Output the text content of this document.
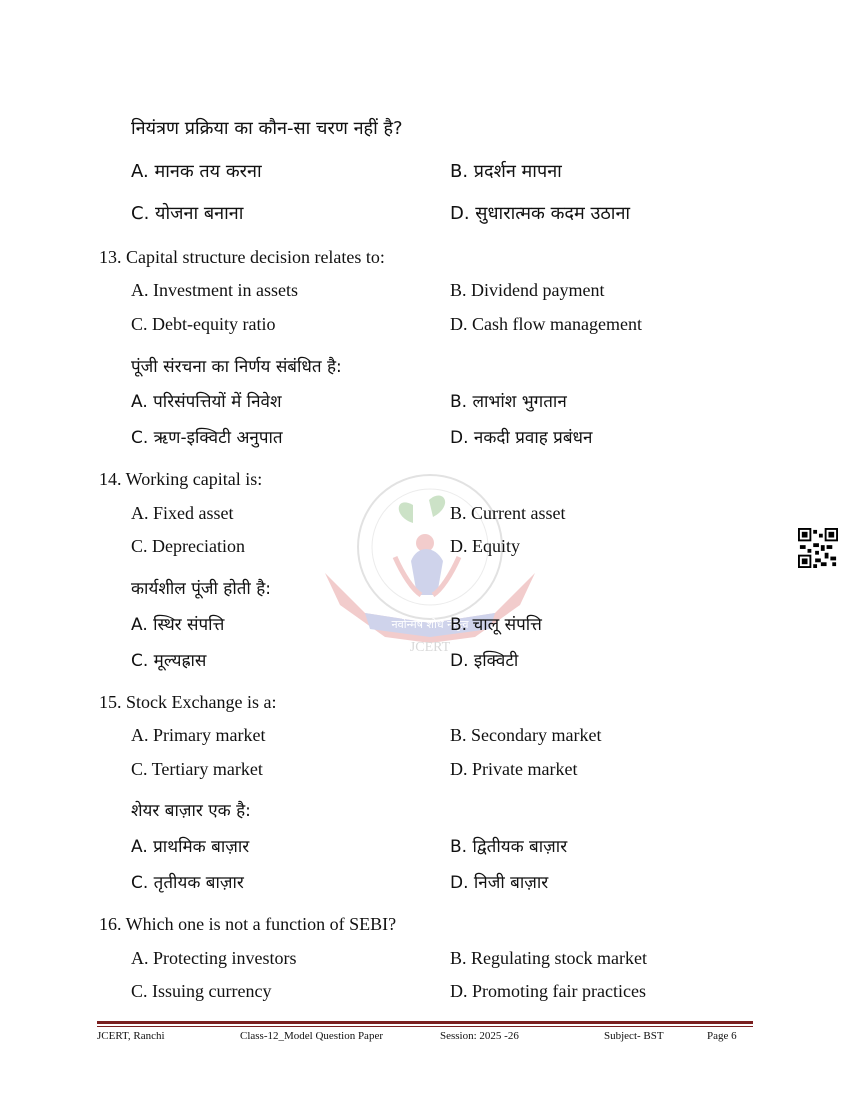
नियंत्रण प्रक्रिया का कौन-सा चरण नहीं है?
A. मानक तय करना	B. प्रदर्शन मापना
C. योजना बनाना	D. सुधारात्मक कदम उठाना
13. Capital structure decision relates to:
A. Investment in assets	B. Dividend payment
C. Debt-equity ratio	D. Cash flow management
पूंजी संरचना का निर्णय संबंधित है:
A. परिसंपत्तियों में निवेश	B. लाभांश भुगतान
C. ऋण-इक्विटी अनुपात	D. नकदी प्रवाह प्रबंधन
नवोन्मेष शोध नेतृत्व
JCERT
14. Working capital is:
A. Fixed asset	B. Current asset
C. Depreciation	D. Equity
कार्यशील पूंजी होती है:
A. स्थिर संपत्ति	B. चालू संपत्ति
C. मूल्यह्रास	D. इक्विटी
15. Stock Exchange is a:
A. Primary market	B. Secondary market
C. Tertiary market	D. Private market
शेयर बाज़ार एक है:
A. प्राथमिक बाज़ार	B. द्वितीयक बाज़ार
C. तृतीयक बाज़ार	D. निजी बाज़ार
16. Which one is not a function of SEBI?
A. Protecting investors	B. Regulating stock market
C. Issuing currency	D. Promoting fair practices
JCERT, Ranchi	Class-12_Model Question Paper	Session: 2025 -26	Subject- BST	Page 6
